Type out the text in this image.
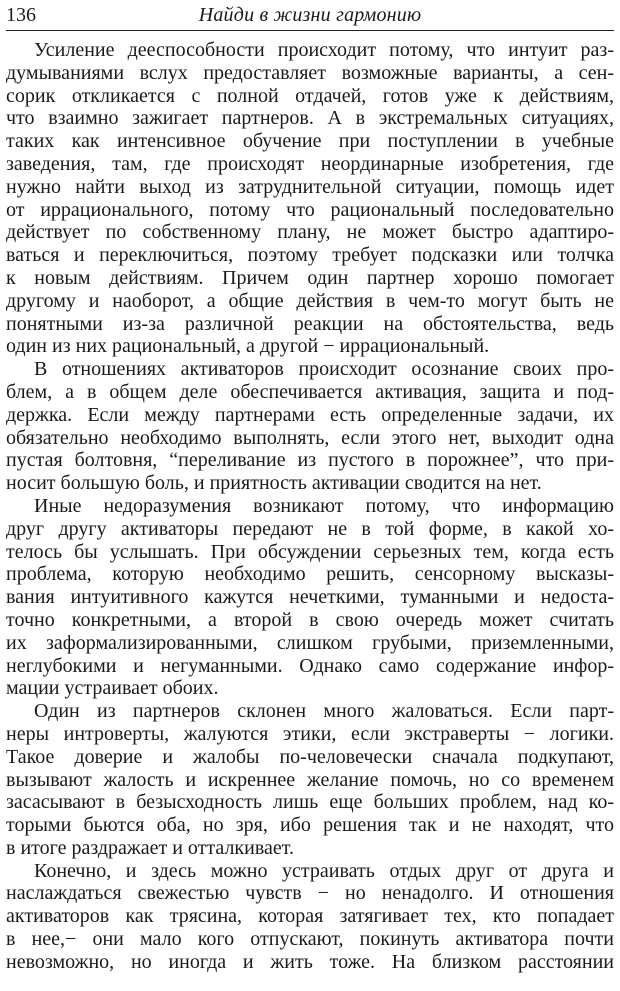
136	Найди в жизни гармонию
Усиление дееспособности происходит потому, что интуит раз-
думываниями вслух предоставляет возможные варианты, а сен-
сорик откликается с полной отдачей, готов уже к действиям,
что взаимно зажигает партнеров. А в экстремальных ситуациях,
таких как интенсивное обучение при поступлении в учебные
заведения, там, где происходят неординарные изобретения, где
нужно найти выход из затруднительной ситуации, помощь идет
от иррационального, потому что рациональный последовательно
действует по собственному плану, не может быстро адаптиро-
ваться и переключиться, поэтому требует подсказки или толчка
к новым действиям. Причем один партнер хорошо помогает
другому и наоборот, а общие действия в чем-то могут быть не
понятными из-за различной реакции на обстоятельства, ведь
один из них рациональный, а другой − иррациональный.
В отношениях активаторов происходит осознание своих про-
блем, а в общем деле обеспечивается активация, защита и под-
держка. Если между партнерами есть определенные задачи, их
обязательно необходимо выполнять, если этого нет, выходит одна
пустая болтовня, “переливание из пустого в порожнее”, что при-
носит большую боль, и приятность активации сводится на нет.
Иные недоразумения возникают потому, что информацию
друг другу активаторы передают не в той форме, в какой хо-
телось бы услышать. При обсуждении серьезных тем, когда есть
проблема, которую необходимо решить, сенсорному высказы-
вания интуитивного кажутся нечеткими, туманными и недоста-
точно конкретными, а второй в свою очередь может считать
их заформализированными, слишком грубыми, приземленными,
неглубокими и негуманными. Однако само содержание инфор-
мации устраивает обоих.
Один из партнеров склонен много жаловаться. Если парт-
неры интроверты, жалуются этики, если экстраверты − логики.
Такое доверие и жалобы по-человечески сначала подкупают,
вызывают жалость и искреннее желание помочь, но со временем
засасывают в безысходность лишь еще больших проблем, над ко-
торыми бьются оба, но зря, ибо решения так и не находят, что
в итоге раздражает и отталкивает.
Конечно, и здесь можно устраивать отдых друг от друга и
наслаждаться свежестью чувств − но ненадолго. И отношения
активаторов как трясина, которая затягивает тех, кто попадает
в нее,− они мало кого отпускают, покинуть активатора почти
невозможно, но иногда и жить тоже. На близком расстоянии
